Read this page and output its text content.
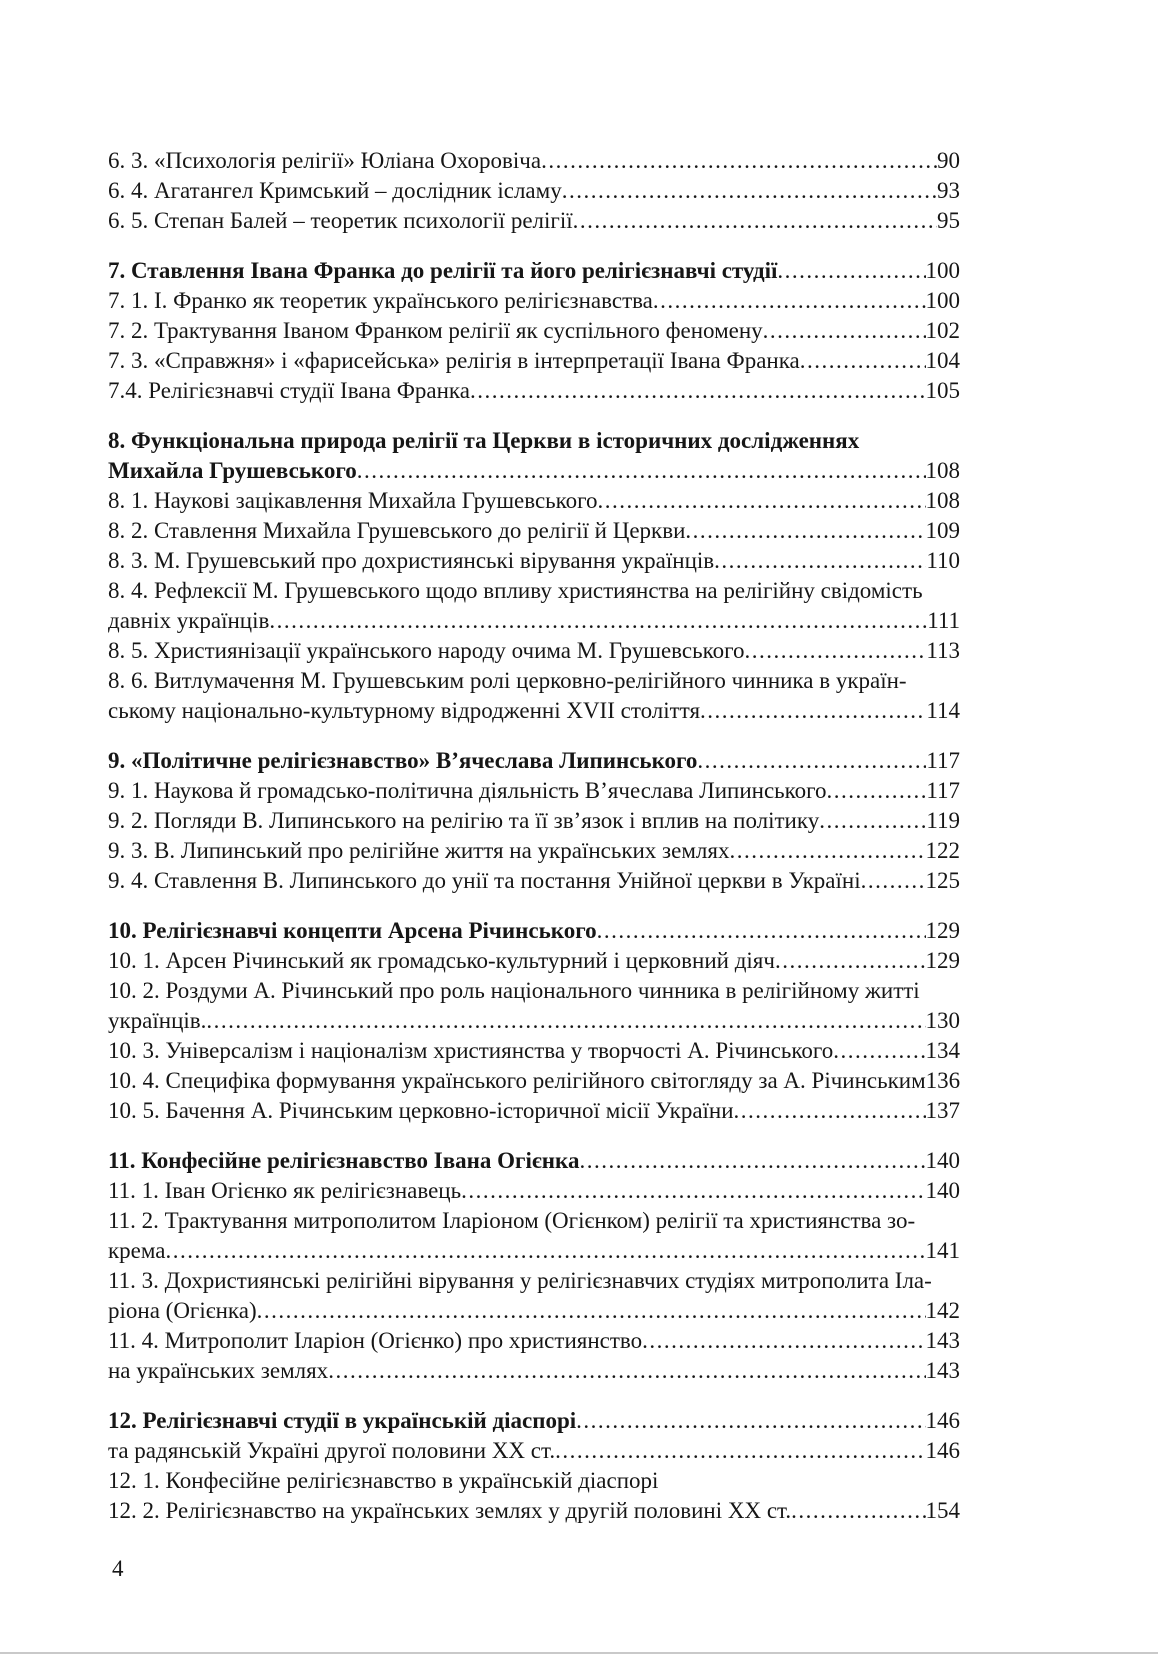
6. 3. «Психологія релігії» Юліана Охоровіча .....	90
6. 4. Агатангел Кримський – дослідник ісламу .....	93
6. 5. Степан Балей – теоретик психології релігії .....	95
7. Ставлення Івана Франка до релігії та його релігієзнавчі студії .....	100
7. 1. І. Франко як теоретик українського релігієзнавства .....	100
7. 2. Трактування Іваном Франком релігії як суспільного феномену .....	102
7. 3. «Справжня» і «фарисейська» релігія в інтерпретації Івана Франка .....	104
7.4. Релігієзнавчі студії Івана Франка .....	105
8. Функціональна природа релігії та Церкви в історичних дослідженнях
Михайла Грушевського .....	108
8. 1. Наукові зацікавлення Михайла Грушевського .....	108
8. 2. Ставлення Михайла Грушевського до релігії й Церкви .....	109
8. 3. М. Грушевський про дохристиянські вірування українців .....	110
8. 4. Рефлексії М. Грушевського щодо впливу християнства на релігійну свідомість
давніх українців .....	111
8. 5. Християнізації українського народу очима М. Грушевського .....	113
8. 6. Витлумачення М. Грушевським ролі церковно-релігійного чинника в україн-
ському національно-культурному відродженні XVII століття .....	114
9. «Політичне релігієзнавство» В’ячеслава Липинського .....	117
9. 1. Наукова й громадсько-політична діяльність В’ячеслава Липинського .....	117
9. 2. Погляди В. Липинського на релігію та її зв’язок і вплив на політику .....	119
9. 3. В. Липинський про релігійне життя на українських землях .....	122
9. 4. Ставлення В. Липинського до унії та постання Унійної церкви в Україні .....	125
10. Релігієзнавчі концепти Арсена Річинського .....	129
10. 1. Арсен Річинський як громадсько-культурний і церковний діяч .....	129
10. 2. Роздуми А. Річинський про роль національного чинника в релігійному житті
українців. .....	130
10. 3. Універсалізм і націоналізм християнства у творчості А. Річинського .....	134
10. 4. Специфіка формування українського релігійного світогляду за А. Річинським 136
10. 5. Бачення А. Річинським церковно-історичної місії України .....	137
11. Конфесійне релігієзнавство Івана Огієнка .....	140
11. 1. Іван Огієнко як релігієзнавець .....	140
11. 2. Трактування митрополитом Іларіоном (Огієнком) релігії та християнства зо-
крема .....	141
11. 3. Дохристиянські релігійні вірування у релігієзнавчих студіях митрополита Іла-
ріона (Огієнка) .....	142
11. 4. Митрополит Іларіон (Огієнко) про християнство .....	143
на українських землях .....	143
12. Релігієзнавчі студії в українській діаспорі .....	146
та радянській Україні другої половини ХХ ст. .....	146
12. 1. Конфесійне релігієзнавство в українській діаспорі
12. 2. Релігієзнавство на українських землях у другій половині ХХ ст. .....	154
4
